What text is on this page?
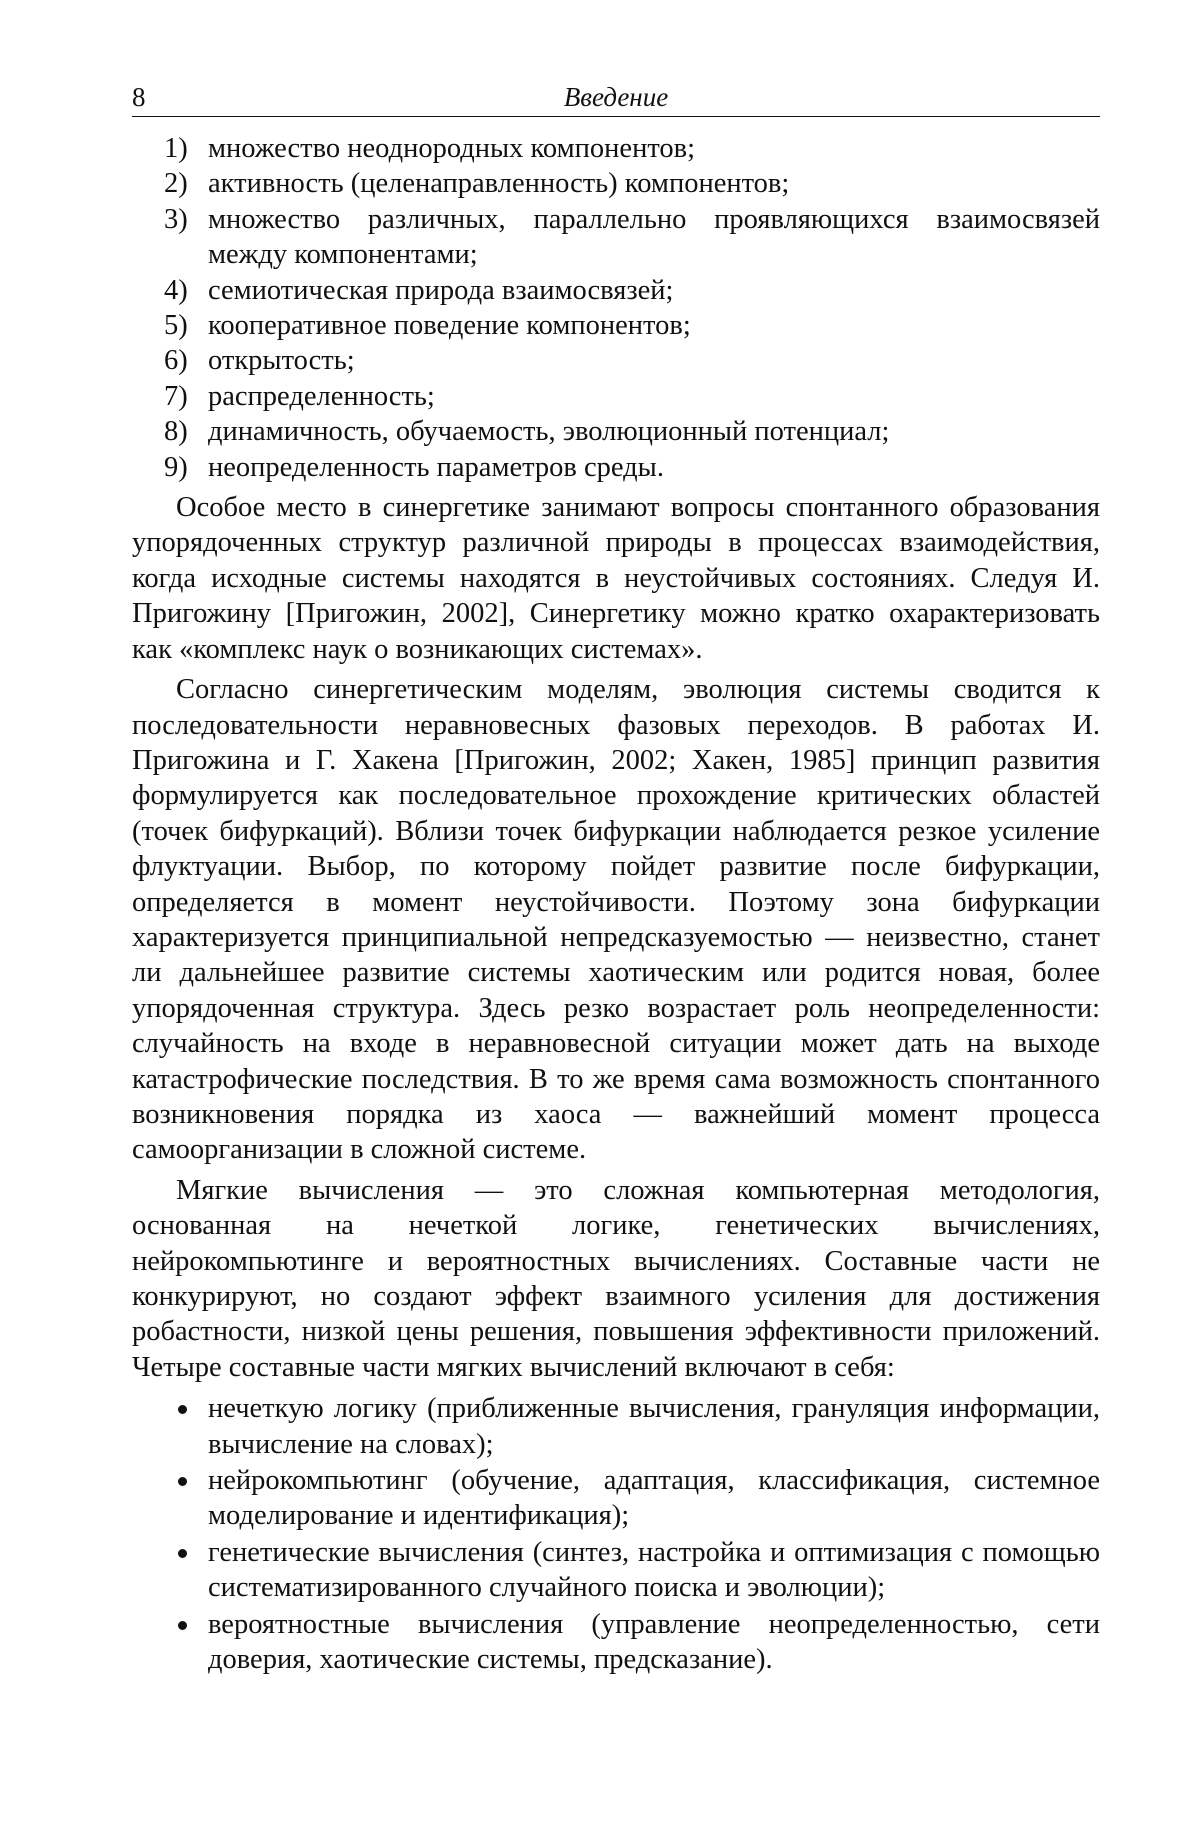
8	Введение
1) множество неоднородных компонентов;
2) активность (целенаправленность) компонентов;
3) множество различных, параллельно проявляющихся взаимосвязей между компонентами;
4) семиотическая природа взаимосвязей;
5) кооперативное поведение компонентов;
6) открытость;
7) распределенность;
8) динамичность, обучаемость, эволюционный потенциал;
9) неопределенность параметров среды.

Особое место в синергетике занимают вопросы спонтанного образования упорядоченных структур различной природы в процессах взаимодействия, когда исходные системы находятся в неустойчивых состояниях. Следуя И. Пригожину [Пригожин, 2002], Синергетику можно кратко охарактеризовать как «комплекс наук о возникающих системах».

Согласно синергетическим моделям, эволюция системы сводится к последовательности неравновесных фазовых переходов. В работах И. Пригожина и Г. Хакена [Пригожин, 2002; Хакен, 1985] принцип развития формулируется как последовательное прохождение критических областей (точек бифуркаций). Вблизи точек бифуркации наблюдается резкое усиление флуктуации. Выбор, по которому пойдет развитие после бифуркации, определяется в момент неустойчивости. Поэтому зона бифуркации характеризуется принципиальной непредсказуемостью — неизвестно, станет ли дальнейшее развитие системы хаотическим или родится новая, более упорядоченная структура. Здесь резко возрастает роль неопределенности: случайность на входе в неравновесной ситуации может дать на выходе катастрофические последствия. В то же время сама возможность спонтанного возникновения порядка из хаоса — важнейший момент процесса самоорганизации в сложной системе.

Мягкие вычисления — это сложная компьютерная методология, основанная на нечеткой логике, генетических вычислениях, нейрокомпьютинге и вероятностных вычислениях. Составные части не конкурируют, но создают эффект взаимного усиления для достижения робастности, низкой цены решения, повышения эффективности приложений. Четыре составные части мягких вычислений включают в себя:

нечеткую логику (приближенные вычисления, грануляция информации, вычисление на словах);
нейрокомпьютинг (обучение, адаптация, классификация, системное моделирование и идентификация);
генетические вычисления (синтез, настройка и оптимизация с помощью систематизированного случайного поиска и эволюции);
вероятностные вычисления (управление неопределенностью, сети доверия, хаотические системы, предсказание).
